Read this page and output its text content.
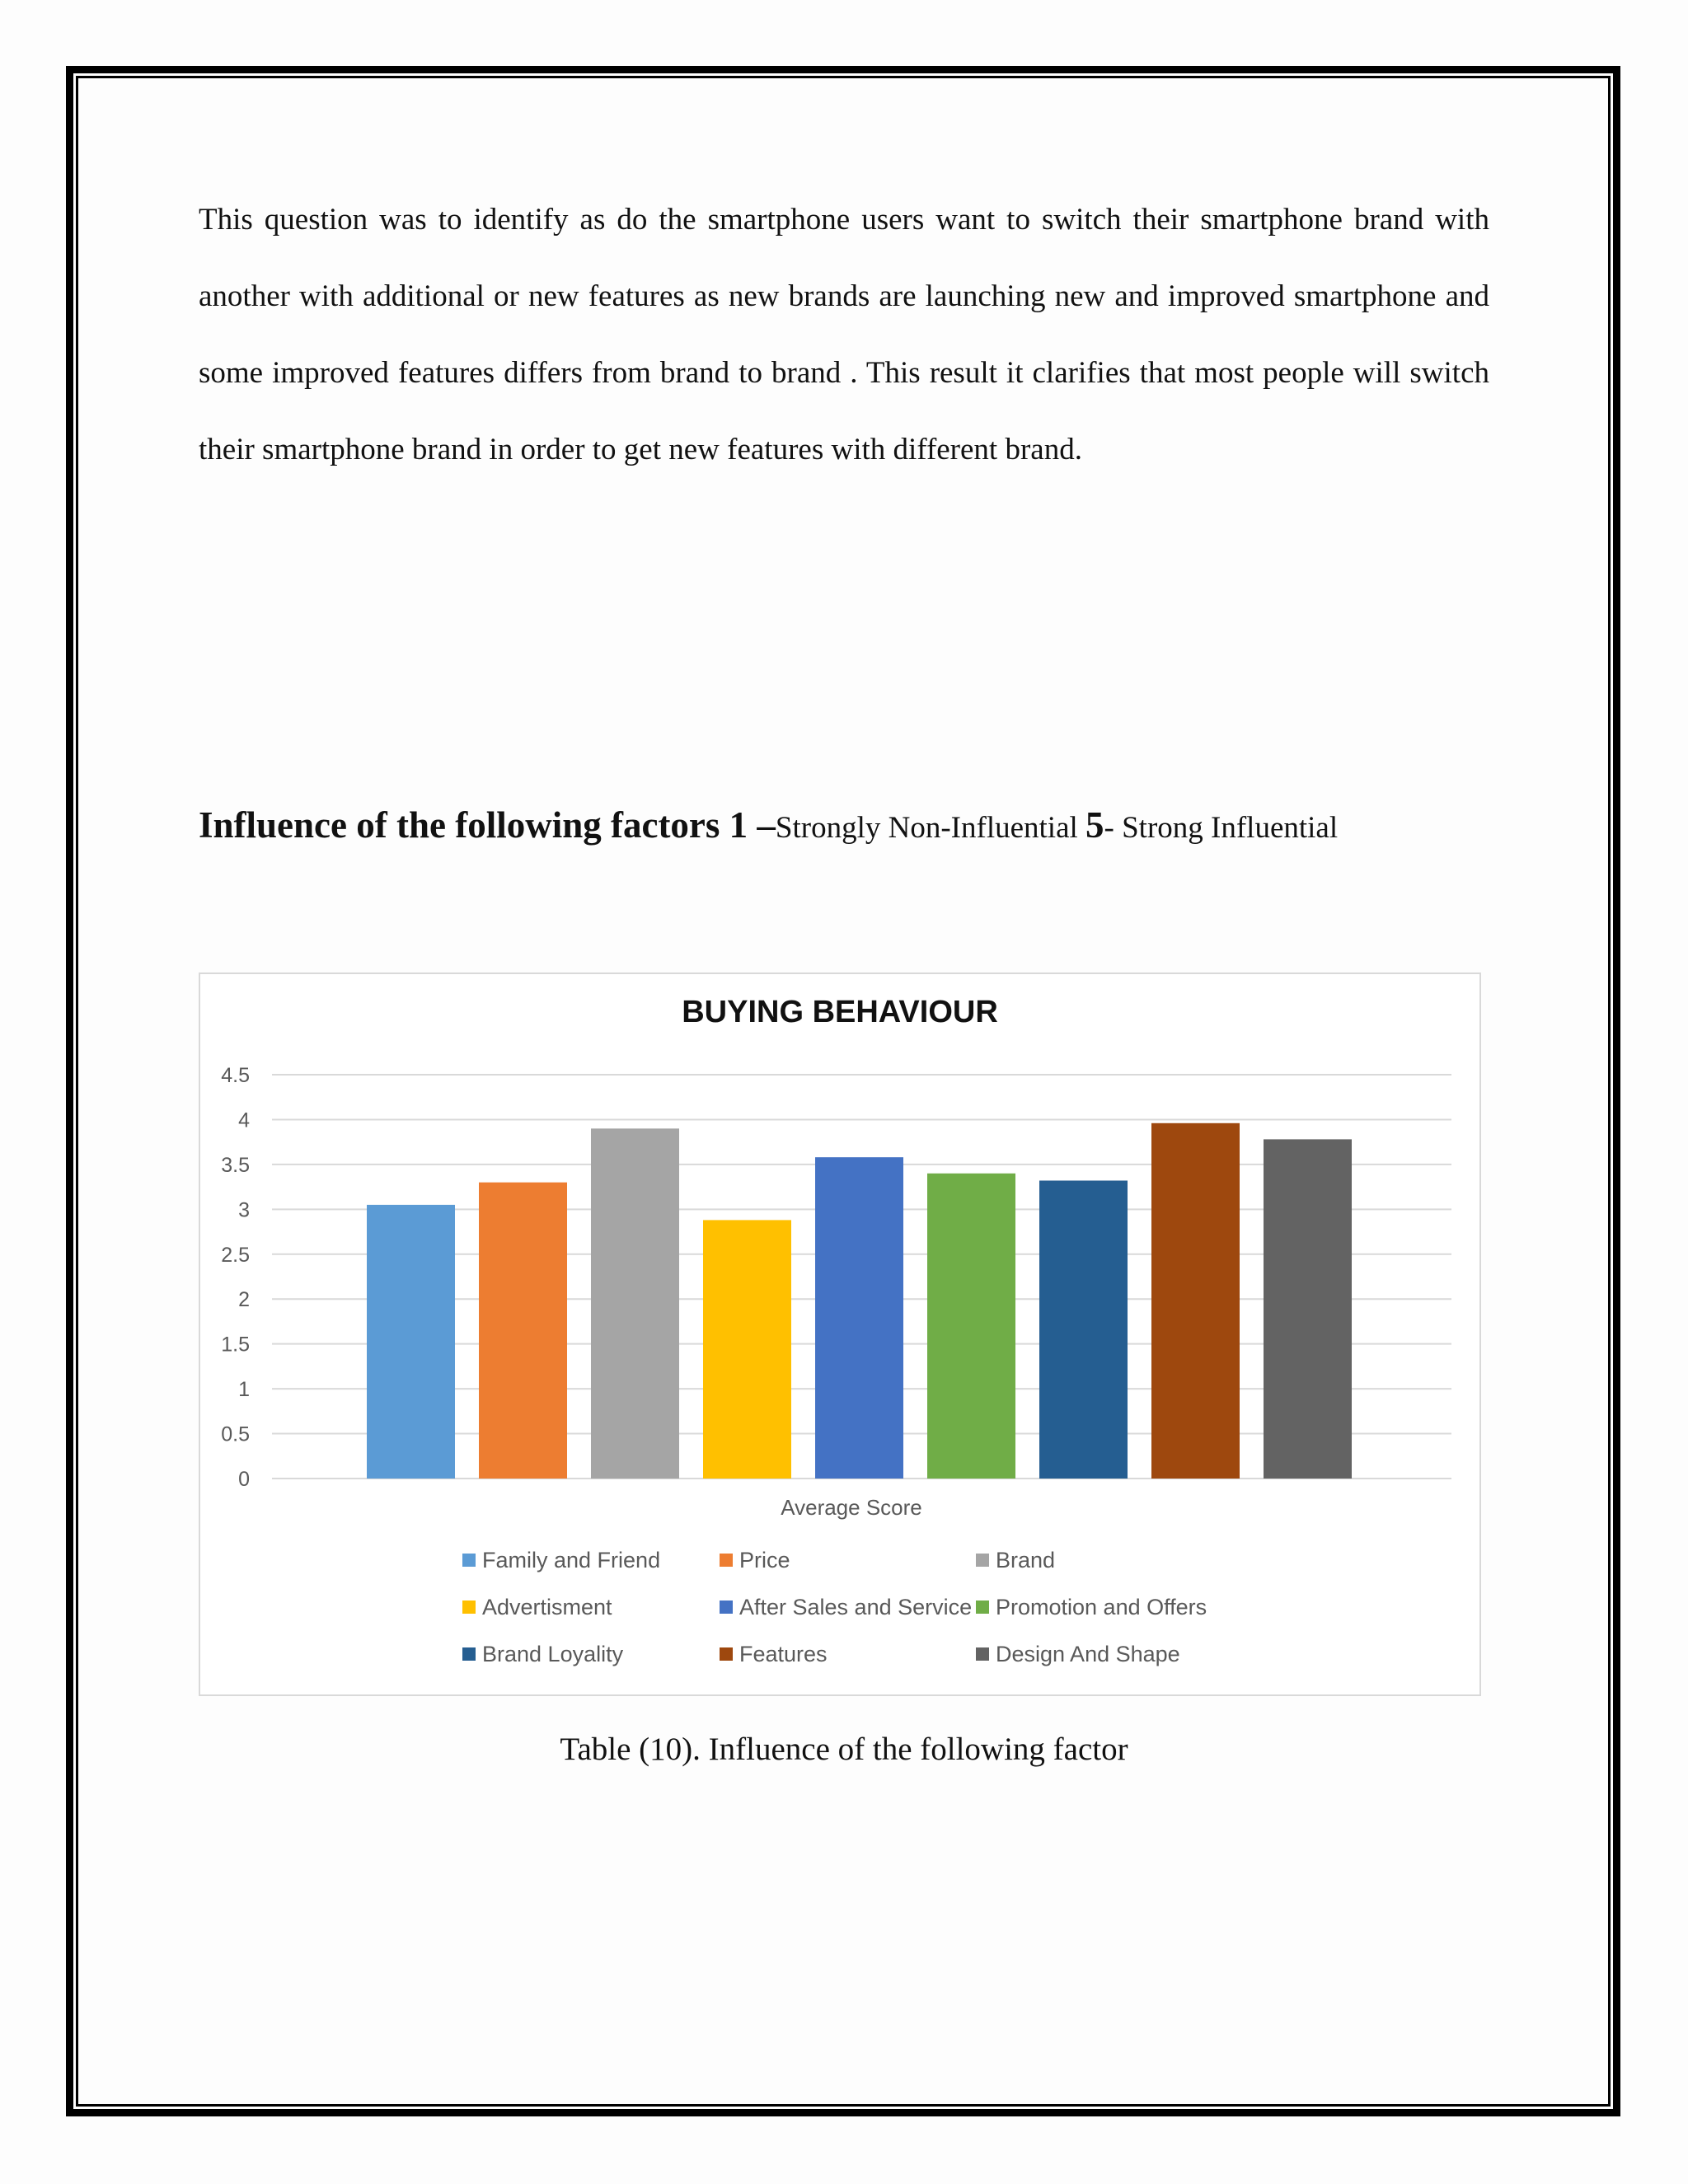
This question was to identify as do the smartphone users want to switch their smartphone brand with another with additional or new features as new brands are launching new and improved smartphone and some improved features differs from brand to brand . This result it clarifies that most people will switch their smartphone brand in order to get new features with different brand.

Influence of the following factors 1 –Strongly Non-Influential 5- Strong Influential

BUYING BEHAVIOUR
0
0.5
1
1.5
2
2.5
3
3.5
4
4.5
Average Score
Family and Friend	Price	Brand
Advertisment	After Sales and Service Promotion and Offers
Brand Loyality	Features	Design And Shape

Table (10). Influence of the following factor
